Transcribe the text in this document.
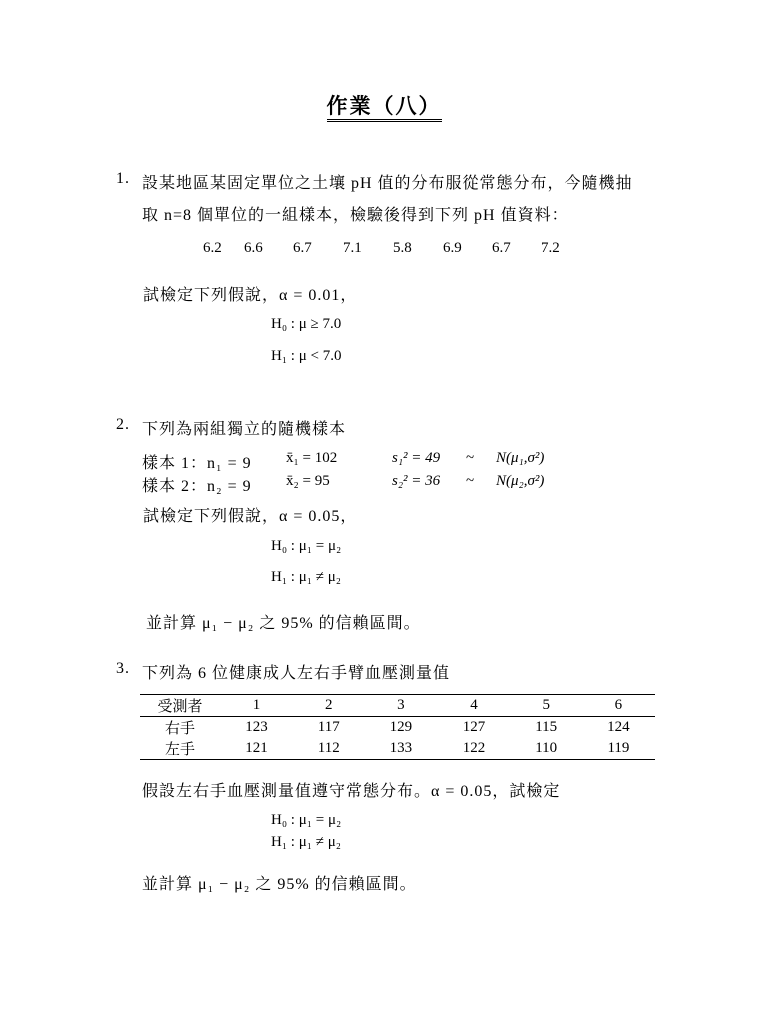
作業（八）
1. 設某地區某固定單位之土壤 pH 值的分布服從常態分布，今隨機抽
取 n=8 個單位的一組樣本，檢驗後得到下列 pH 值資料：
6.2 6.6 6.7 7.1 5.8 6.9 6.7 7.2
試檢定下列假說，α = 0.01，
H₀ : μ ≥ 7.0
H₁ : μ < 7.0
2. 下列為兩組獨立的隨機樣本
樣本 1：n₁ = 9 x̄₁ = 102	s₁² = 49 ~ N(μ₁,σ²)
樣本 2：n₂ = 9 x̄₂ = 95	s₂² = 36 ~ N(μ₂,σ²)
試檢定下列假說，α = 0.05，
H₀ : μ₁ = μ₂
H₁ : μ₁ ≠ μ₂
並計算 μ₁ − μ₂ 之 95% 的信賴區間。
3. 下列為 6 位健康成人左右手臂血壓測量值
受測者	1	2	3	4	5	6
右手	123	117	129	127	115	124
左手	121	112	133	122	110	119
假設左右手血壓測量值遵守常態分布。α = 0.05，試檢定
H₀ : μ₁ = μ₂
H₁ : μ₁ ≠ μ₂
並計算 μ₁ − μ₂ 之 95% 的信賴區間。
